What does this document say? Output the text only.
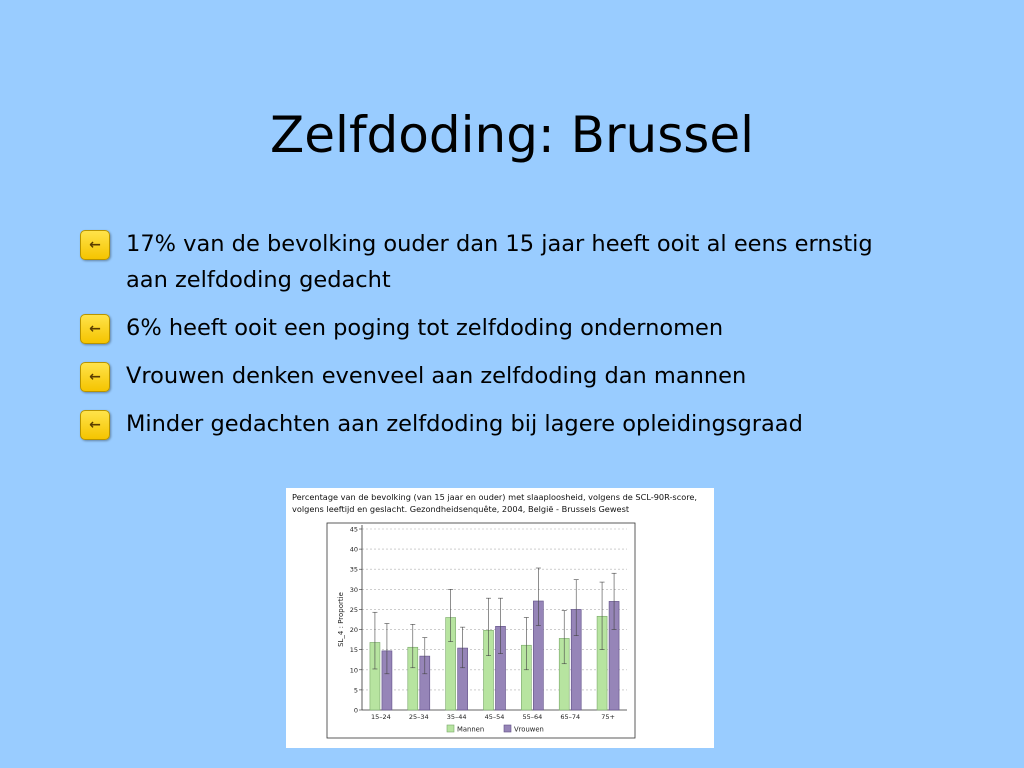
Zelfdoding: Brussel
←	17% van de bevolking ouder dan 15 jaar heeft ooit al eens ernstig aan zelfdoding gedacht
←	6% heeft ooit een poging tot zelfdoding ondernomen
←	Vrouwen denken evenveel aan zelfdoding dan mannen
←	Minder gedachten aan zelfdoding bij lagere opleidingsgraad
Percentage van de bevolking (van 15 jaar en ouder) met slaaploosheid, volgens de SCL-90R-score, volgens leeftijd en geslacht. Gezondheidsenquête, 2004, België - Brussels Gewest
0
5
10
15
20
25
30
35
40
45
SL_4 : Proportie
15–24	25–34	35–44	45–54	55–64	65–74	75+
Mannen	Vrouwen
